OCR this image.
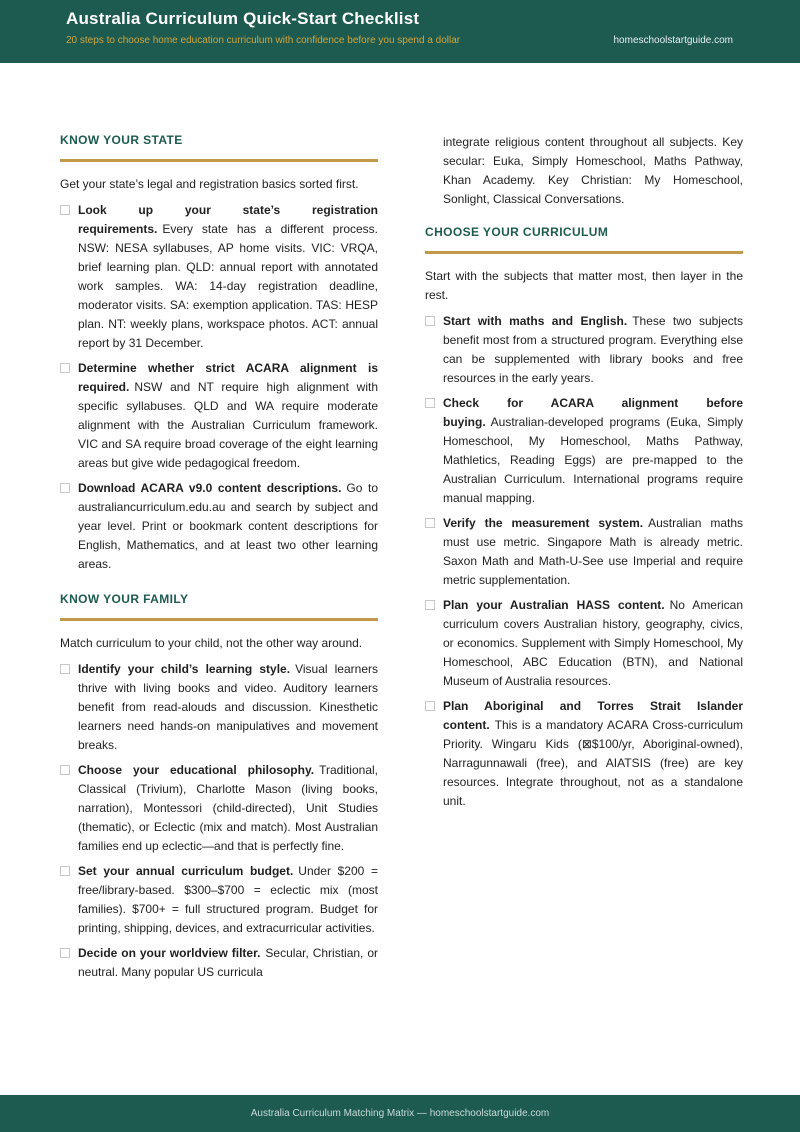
Australia Curriculum Quick-Start Checklist
20 steps to choose home education curriculum with confidence before you spend a dollar	homeschoolstartguide.com
KNOW YOUR STATE

Get your state’s legal and registration basics sorted first.

Look up your state’s registration requirements. Every state has a different process. NSW: NESA syllabuses, AP home visits. VIC: VRQA, brief learning plan. QLD: annual report with annotated work samples. WA: 14-day registration deadline, moderator visits. SA: exemption application. TAS: HESP plan. NT: weekly plans, workspace photos. ACT: annual report by 31 December.
Determine whether strict ACARA alignment is required. NSW and NT require high alignment with specific syllabuses. QLD and WA require moderate alignment with the Australian Curriculum framework. VIC and SA require broad coverage of the eight learning areas but give wide pedagogical freedom.
Download ACARA v9.0 content descriptions. Go to australiancurriculum.edu.au and search by subject and year level. Print or bookmark content descriptions for English, Mathematics, and at least two other learning areas.
KNOW YOUR FAMILY

Match curriculum to your child, not the other way around.

Identify your child’s learning style. Visual learners thrive with living books and video. Auditory learners benefit from read-alouds and discussion. Kinesthetic learners need hands-on manipulatives and movement breaks.
Choose your educational philosophy. Traditional, Classical (Trivium), Charlotte Mason (living books, narration), Montessori (child-directed), Unit Studies (thematic), or Eclectic (mix and match). Most Australian families end up eclectic—and that is perfectly fine.
Set your annual curriculum budget. Under $200 = free/library-based. $300–$700 = eclectic mix (most families). $700+ = full structured program. Budget for printing, shipping, devices, and extracurricular activities.
Decide on your worldview filter. Secular, Christian, or neutral. Many popular US curricula

integrate religious content throughout all subjects. Key secular: Euka, Simply Homeschool, Maths Pathway, Khan Academy. Key Christian: My Homeschool, Sonlight, Classical Conversations.

CHOOSE YOUR CURRICULUM

Start with the subjects that matter most, then layer in the rest.

Start with maths and English. These two subjects benefit most from a structured program. Everything else can be supplemented with library books and free resources in the early years.
Check for ACARA alignment before buying. Australian-developed programs (Euka, Simply Homeschool, My Homeschool, Maths Pathway, Mathletics, Reading Eggs) are pre-mapped to the Australian Curriculum. International programs require manual mapping.
Verify the measurement system. Australian maths must use metric. Singapore Math is already metric. Saxon Math and Math-U-See use Imperial and require metric supplementation.
Plan your Australian HASS content. No American curriculum covers Australian history, geography, civics, or economics. Supplement with Simply Homeschool, My Homeschool, ABC Education (BTN), and National Museum of Australia resources.
Plan Aboriginal and Torres Strait Islander content. This is a mandatory ACARA Cross-curriculum Priority. Wingaru Kids (⊠$100/yr, Aboriginal-owned), Narragunnawali (free), and AIATSIS (free) are key resources. Integrate throughout, not as a standalone unit.
Australia Curriculum Matching Matrix — homeschoolstartguide.com
